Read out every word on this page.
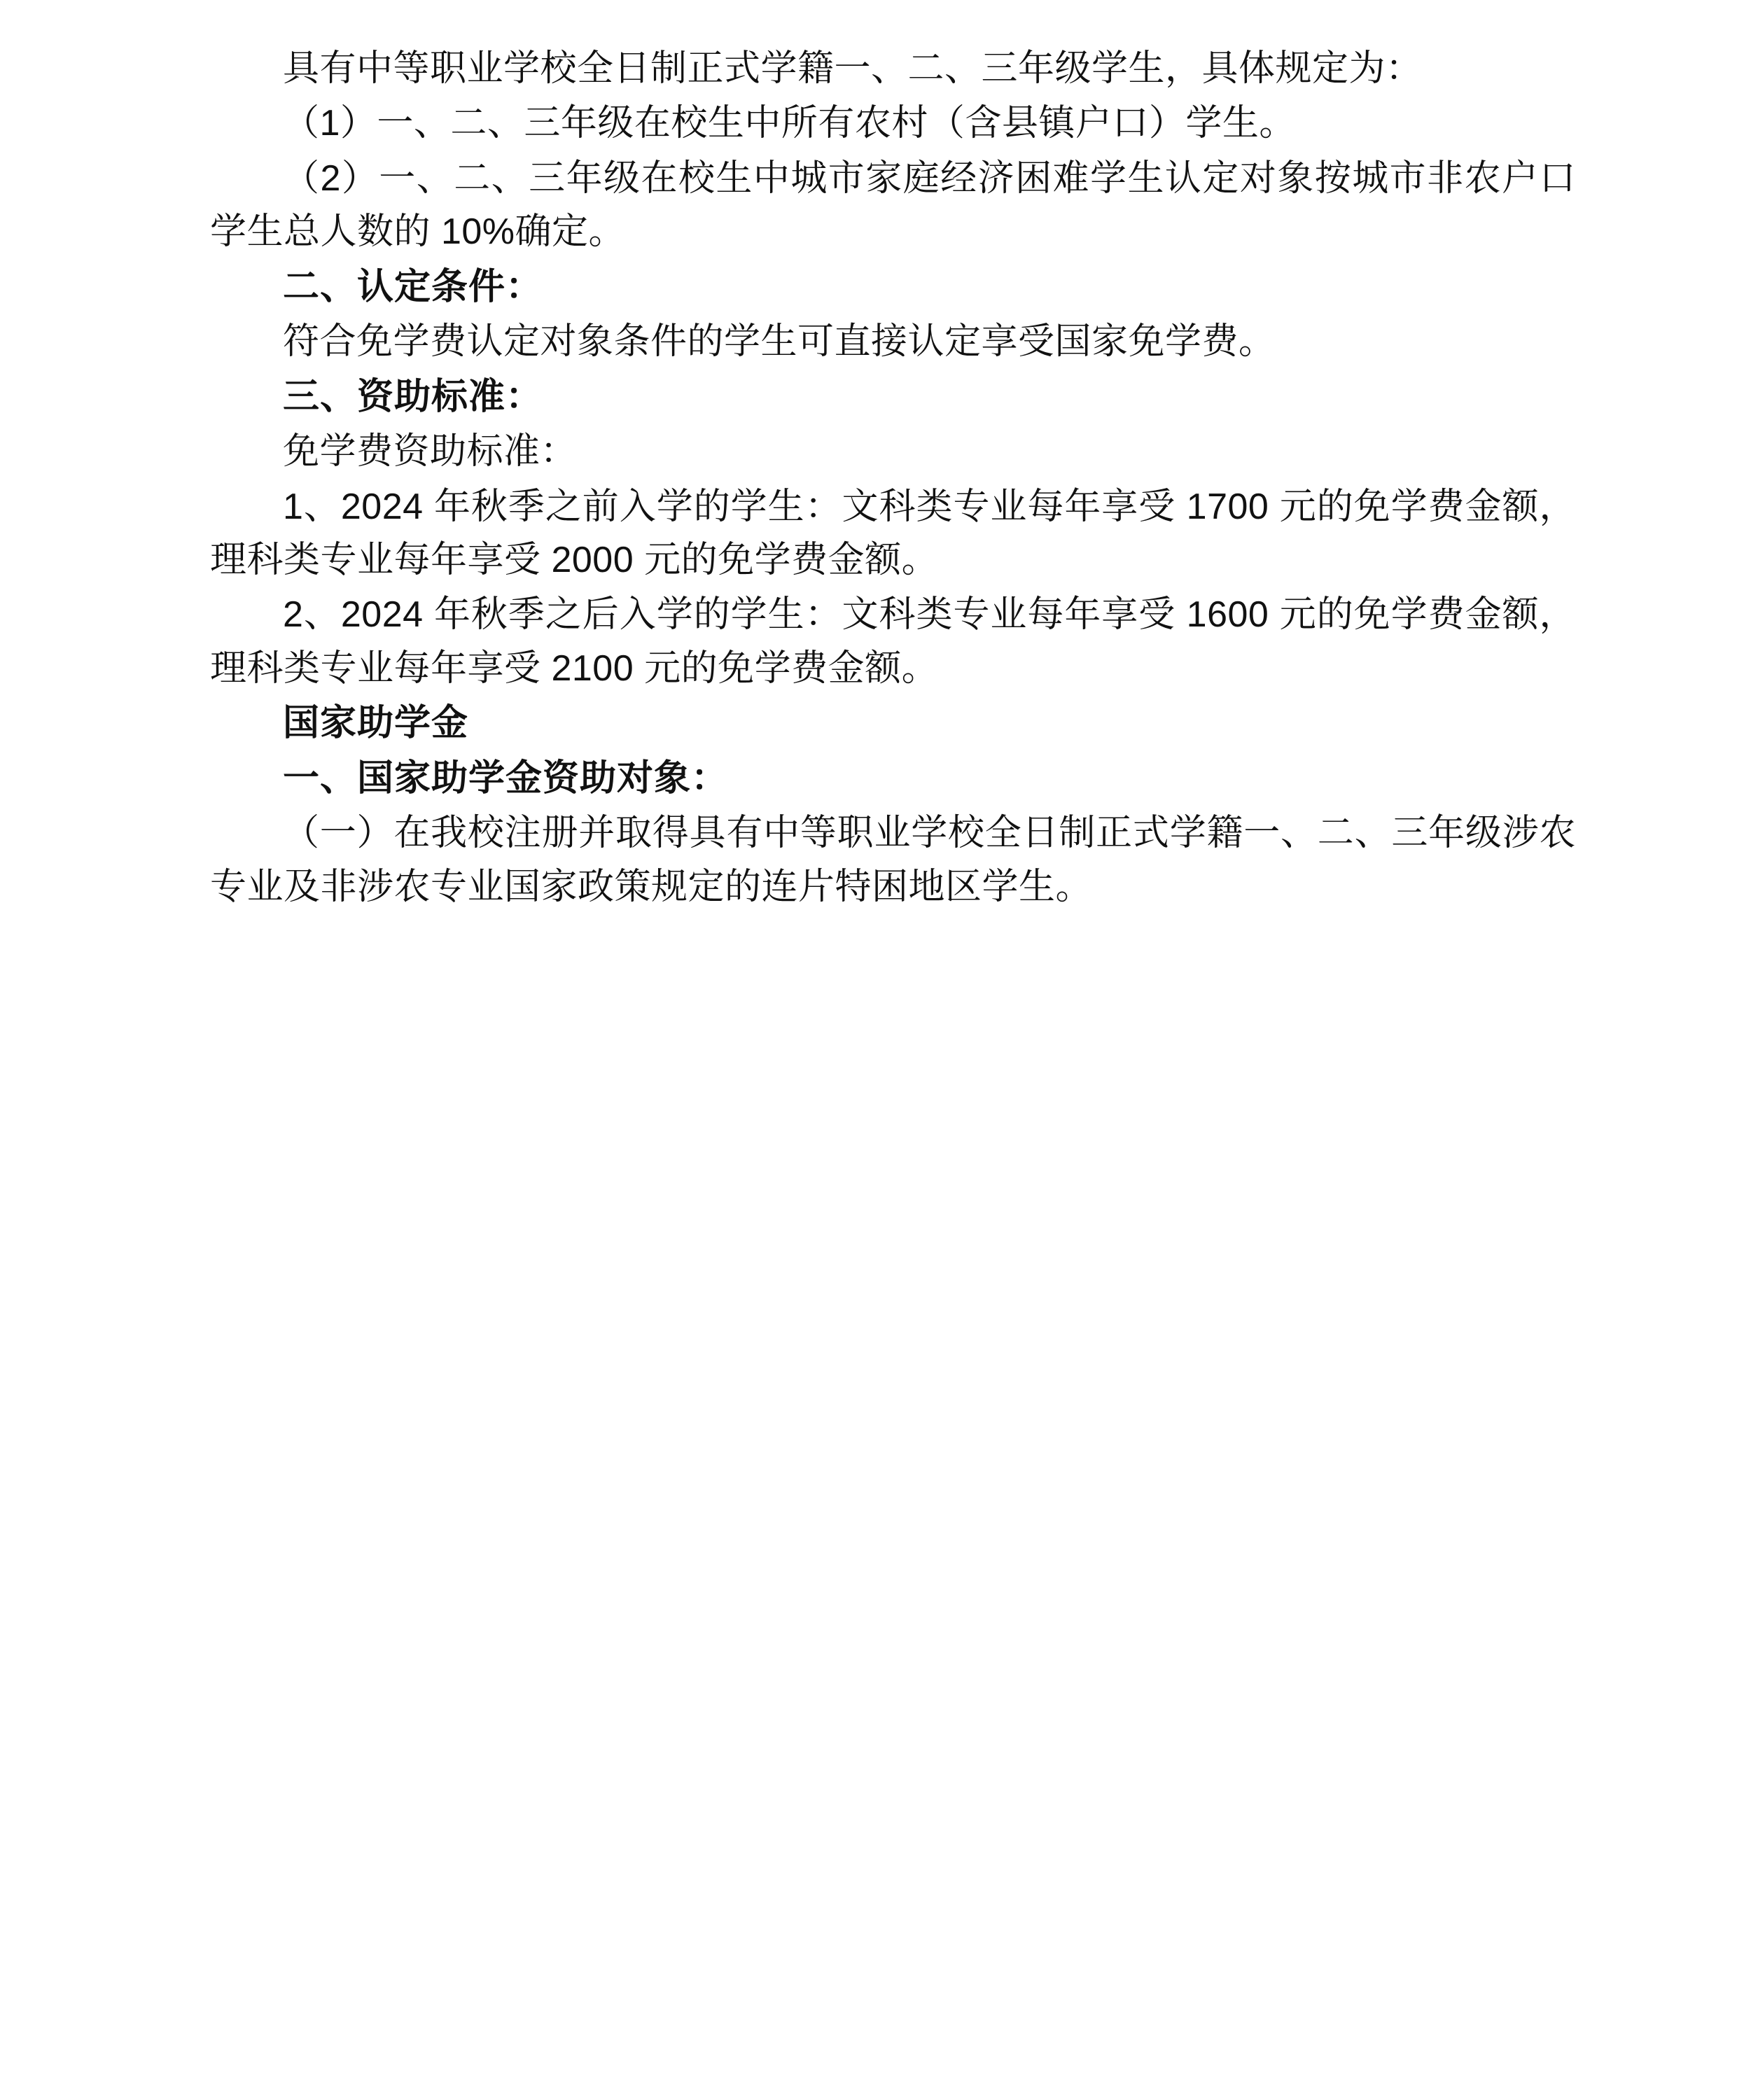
具有中等职业学校全日制正式学籍一、二、三年级学生，具体规定为：

（1）一、二、三年级在校生中所有农村（含县镇户口）学生。

（2）一、二、三年级在校生中城市家庭经济困难学生认定对象按城市非农户口学生总人数的 10%确定。

二、认定条件：

符合免学费认定对象条件的学生可直接认定享受国家免学费。

三、资助标准：

免学费资助标准：

1、2024 年秋季之前入学的学生：文科类专业每年享受 1700 元的免学费金额，理科类专业每年享受 2000 元的免学费金额。

2、2024 年秋季之后入学的学生：文科类专业每年享受 1600 元的免学费金额，理科类专业每年享受 2100 元的免学费金额。

国家助学金

一、国家助学金资助对象：

（一）在我校注册并取得具有中等职业学校全日制正式学籍一、二、三年级涉农专业及非涉农专业国家政策规定的连片特困地区学生。
